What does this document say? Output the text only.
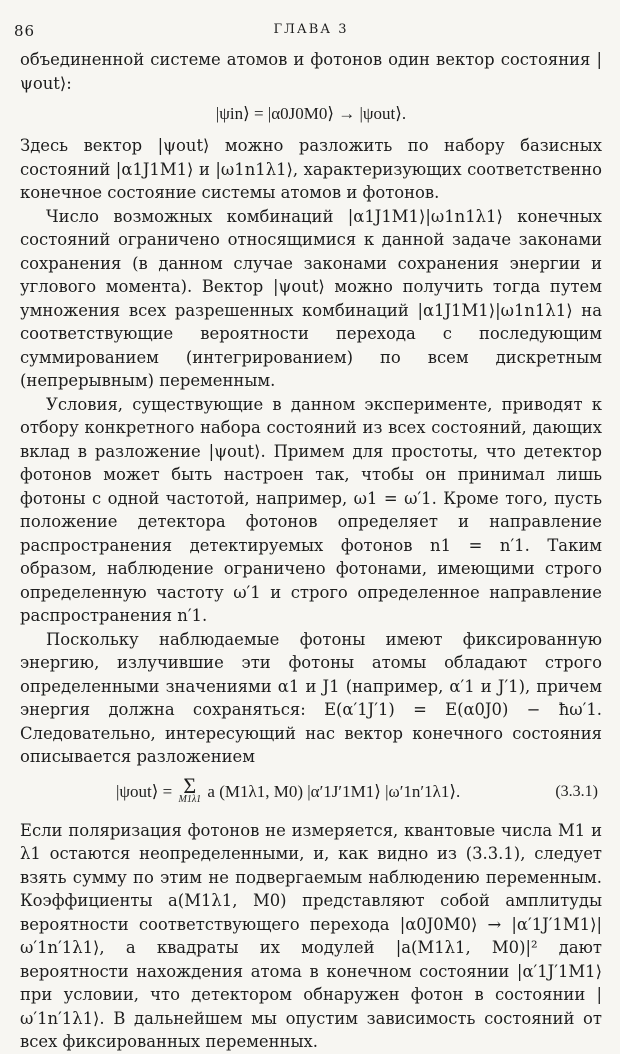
86	ГЛАВА 3

объединенной системе атомов и фотонов один вектор состояния |ψout⟩:

|ψin⟩ = |α0J0M0⟩ → |ψout⟩.

Здесь вектор |ψout⟩ можно разложить по набору базисных состояний |α1J1M1⟩ и |ω1n1λ1⟩, характеризующих соответственно конечное состояние системы атомов и фотонов.

Число возможных комбинаций |α1J1M1⟩|ω1n1λ1⟩ конечных состояний ограничено относящимися к данной задаче законами сохранения (в данном случае законами сохранения энергии и углового момента). Вектор |ψout⟩ можно получить тогда путем умножения всех разрешенных комбинаций |α1J1M1⟩|ω1n1λ1⟩ на соответствующие вероятности перехода с последующим суммированием (интегрированием) по всем дискретным (непрерывным) переменным.

Условия, существующие в данном эксперименте, приводят к отбору конкретного набора состояний из всех состояний, дающих вклад в разложение |ψout⟩. Примем для простоты, что детектор фотонов может быть настроен так, чтобы он принимал лишь фотоны с одной частотой, например, ω1 = ω′1. Кроме того, пусть положение детектора фотонов определяет и направление распространения детектируемых фотонов n1 = n′1. Таким образом, наблюдение ограничено фотонами, имеющими строго определенную частоту ω′1 и строго определенное направление распространения n′1.

Поскольку наблюдаемые фотоны имеют фиксированную энергию, излучившие эти фотоны атомы обладают строго определенными значениями α1 и J1 (например, α′1 и J′1), причем энергия должна сохраняться: E(α′1J′1) = E(α0J0) − ħω′1. Следовательно, интересующий нас вектор конечного состояния описывается разложением

|ψout⟩ = Σ
M1λ1 a (M1λ1, M0) |α′1J′1M1⟩ |ω′1n′1λ1⟩.	(3.3.1)

Если поляризация фотонов не измеряется, квантовые числа M1 и λ1 остаются неопределенными, и, как видно из (3.3.1), следует взять сумму по этим не подвергаемым наблюдению переменным. Коэффициенты a(M1λ1, M0) представляют собой амплитуды вероятности соответствующего перехода |α0J0M0⟩ → |α′1J′1M1⟩|ω′1n′1λ1⟩, а квадраты их модулей |a(M1λ1, M0)|² дают вероятности нахождения атома в конечном состоянии |α′1J′1M1⟩ при условии, что детектором обнаружен фотон в состоянии |ω′1n′1λ1⟩. В дальнейшем мы опустим зависимость состояний от всех фиксированных переменных.
